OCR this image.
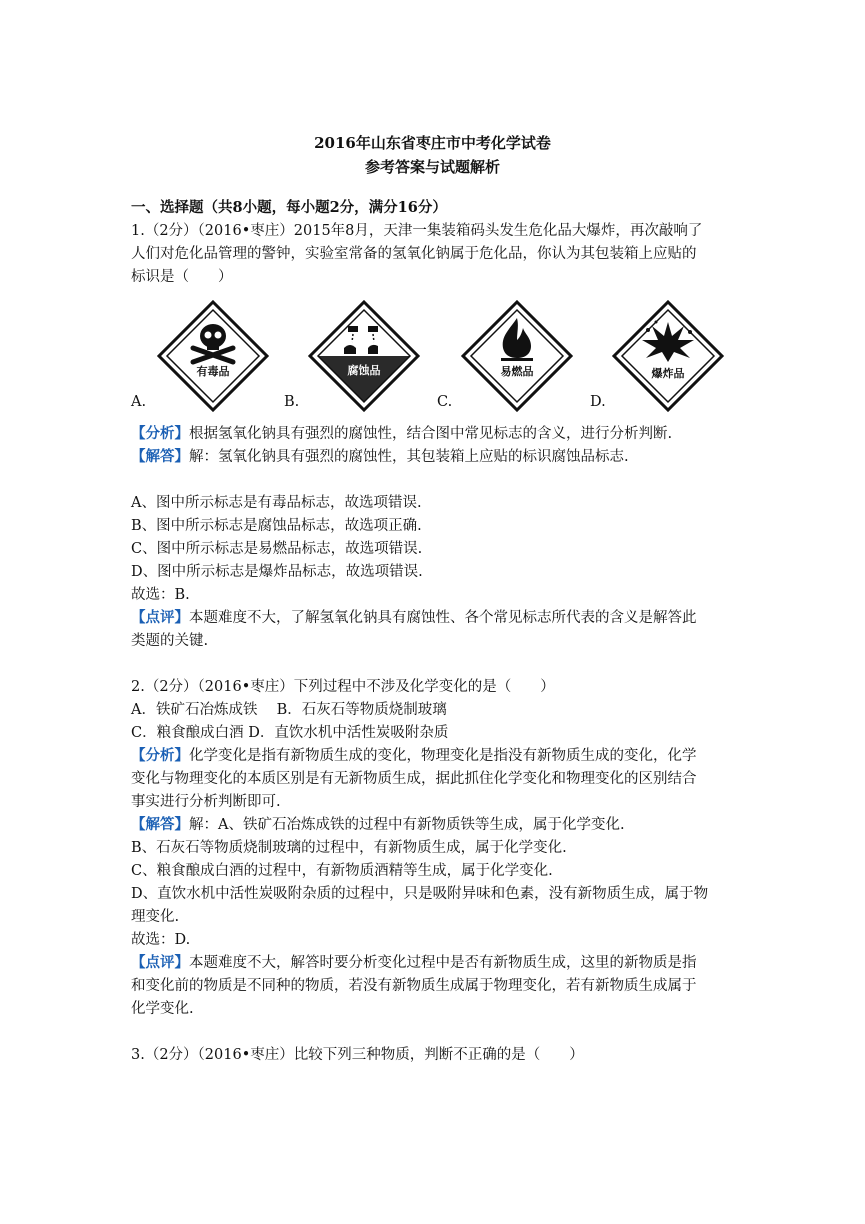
2016年山东省枣庄市中考化学试卷
参考答案与试题解析
一、选择题（共8小题，每小题2分，满分16分）
1.（2分）（2016•枣庄）2015年8月，天津一集装箱码头发生危化品大爆炸，再次敲响了
人们对危化品管理的警钟，实验室常备的氢氧化钠属于危化品，你认为其包装箱上应贴的
标识是（　　）
有毒品	腐蚀品	易燃品	爆炸品
A.	B.	C.	D.
【分析】根据氢氧化钠具有强烈的腐蚀性，结合图中常见标志的含义，进行分析判断.
【解答】解：氢氧化钠具有强烈的腐蚀性，其包装箱上应贴的标识腐蚀品标志.
A、图中所示标志是有毒品标志，故选项错误.
B、图中所示标志是腐蚀品标志，故选项正确.
C、图中所示标志是易燃品标志，故选项错误.
D、图中所示标志是爆炸品标志，故选项错误.
故选：B.
【点评】本题难度不大，了解氢氧化钠具有腐蚀性、各个常见标志所代表的含义是解答此
类题的关键.
2.（2分）（2016•枣庄）下列过程中不涉及化学变化的是（　　）
A．铁矿石冶炼成铁　 B．石灰石等物质烧制玻璃
C．粮食酿成白酒 D．直饮水机中活性炭吸附杂质
【分析】化学变化是指有新物质生成的变化，物理变化是指没有新物质生成的变化，化学
变化与物理变化的本质区别是有无新物质生成，据此抓住化学变化和物理变化的区别结合
事实进行分析判断即可.
【解答】解：A、铁矿石冶炼成铁的过程中有新物质铁等生成，属于化学变化.
B、石灰石等物质烧制玻璃的过程中，有新物质生成，属于化学变化.
C、粮食酿成白酒的过程中，有新物质酒精等生成，属于化学变化.
D、直饮水机中活性炭吸附杂质的过程中，只是吸附异味和色素，没有新物质生成，属于物
理变化.
故选：D.
【点评】本题难度不大，解答时要分析变化过程中是否有新物质生成，这里的新物质是指
和变化前的物质是不同种的物质，若没有新物质生成属于物理变化，若有新物质生成属于
化学变化.
3.（2分）（2016•枣庄）比较下列三种物质，判断不正确的是（　　）
